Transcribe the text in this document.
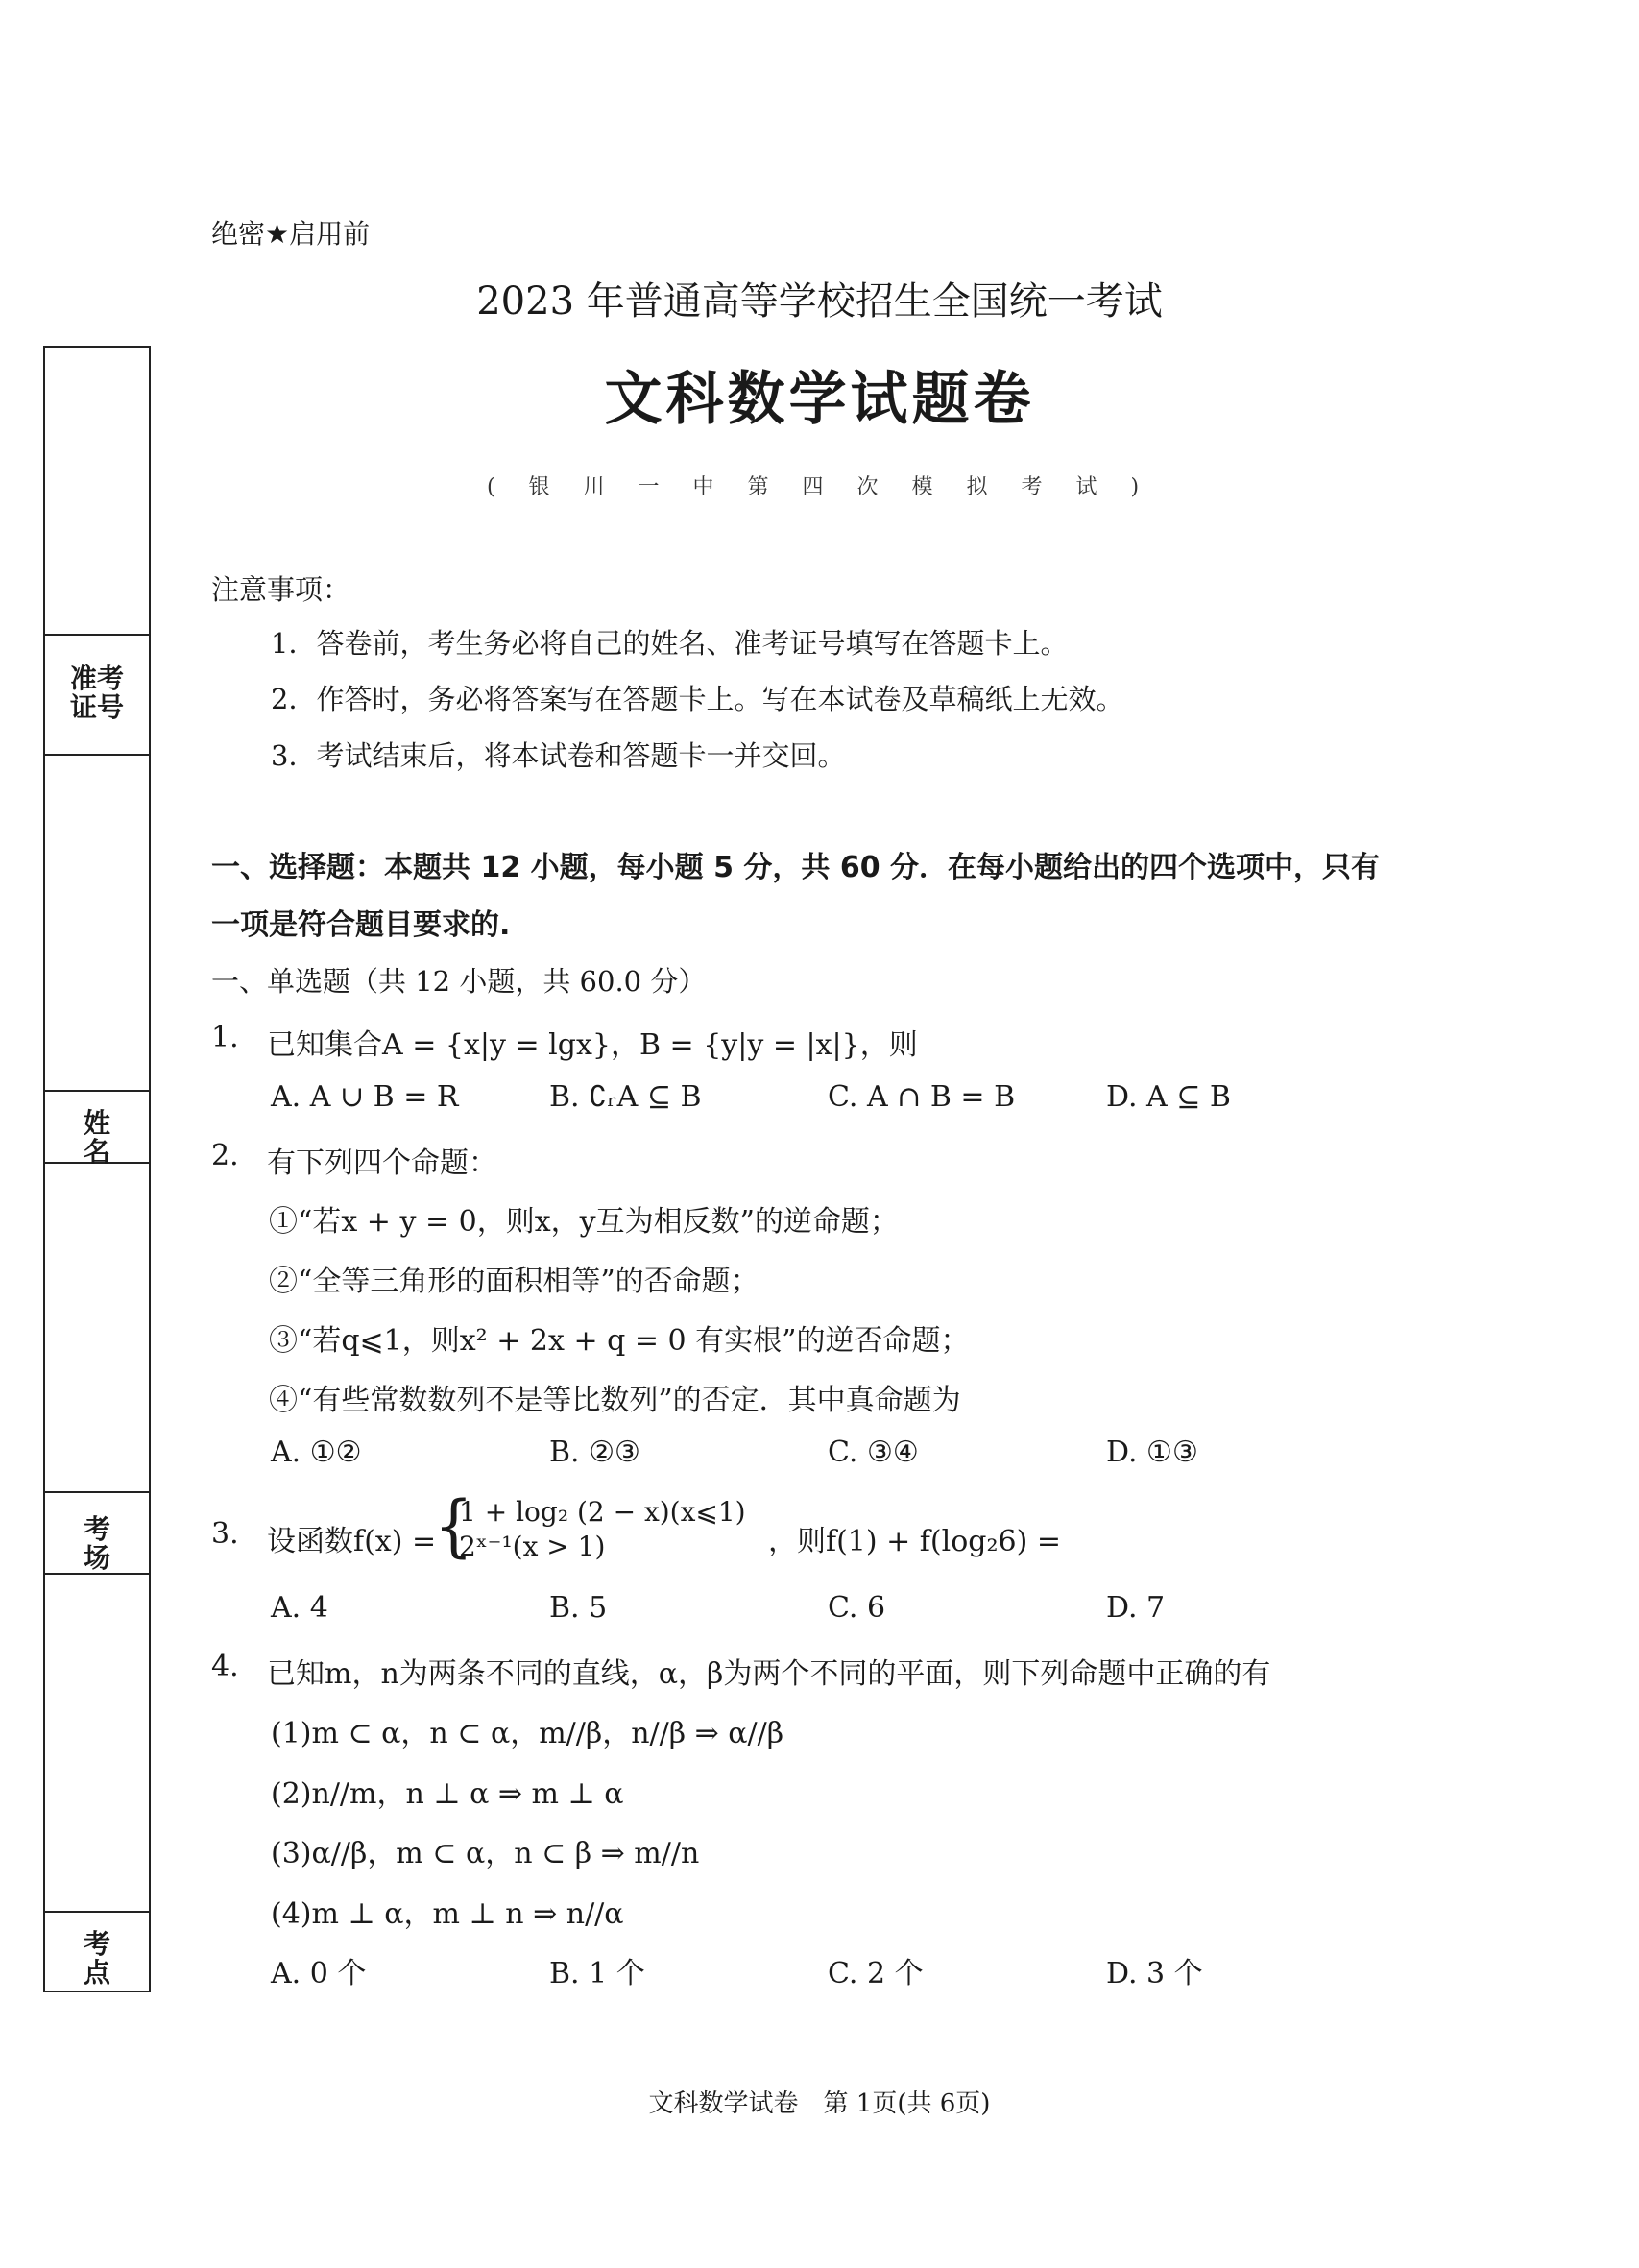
绝密★启用前
2023 年普通高等学校招生全国统一考试
文科数学试题卷
( 银 川 一 中 第 四 次 模 拟 考 试 )
准考
证号
姓
名
考
场
考
点
注意事项：
1．答卷前，考生务必将自己的姓名、准考证号填写在答题卡上。
2．作答时，务必将答案写在答题卡上。写在本试卷及草稿纸上无效。
3．考试结束后，将本试卷和答题卡一并交回。
一、选择题：本题共 12 小题，每小题 5 分，共 60 分．在每小题给出的四个选项中，只有
一项是符合题目要求的.
一、单选题（共 12 小题，共 60.0 分）
1. 已知集合A = {x|y = lgx}，B = {y|y = |x|}，则
A. A ∪ B = R	B. ∁ᵣA ⊆ B	C. A ∩ B = B	D. A ⊆ B
2. 有下列四个命题：
①“若x + y = 0，则x，y互为相反数”的逆命题；
②“全等三角形的面积相等”的否命题；
③“若q⩽1，则x² + 2x + q = 0 有实根”的逆否命题；
④“有些常数数列不是等比数列”的否定．其中真命题为
A. ①②	B. ②③	C. ③④	D. ①③
3. 设函数f(x) =
{
1 + log₂ (2 − x)(x⩽1)
2ˣ⁻¹(x > 1)	，则f(1) + f(log₂6) =
A. 4	B. 5	C. 6	D. 7
4. 已知m，n为两条不同的直线，α，β为两个不同的平面，则下列命题中正确的有
(1)m ⊂ α，n ⊂ α，m//β，n//β ⇒ α//β
(2)n//m，n ⊥ α ⇒ m ⊥ α
(3)α//β，m ⊂ α，n ⊂ β ⇒ m//n
(4)m ⊥ α，m ⊥ n ⇒ n//α
A. 0 个	B. 1 个	C. 2 个	D. 3 个
文科数学试卷　第 1页(共 6页)
